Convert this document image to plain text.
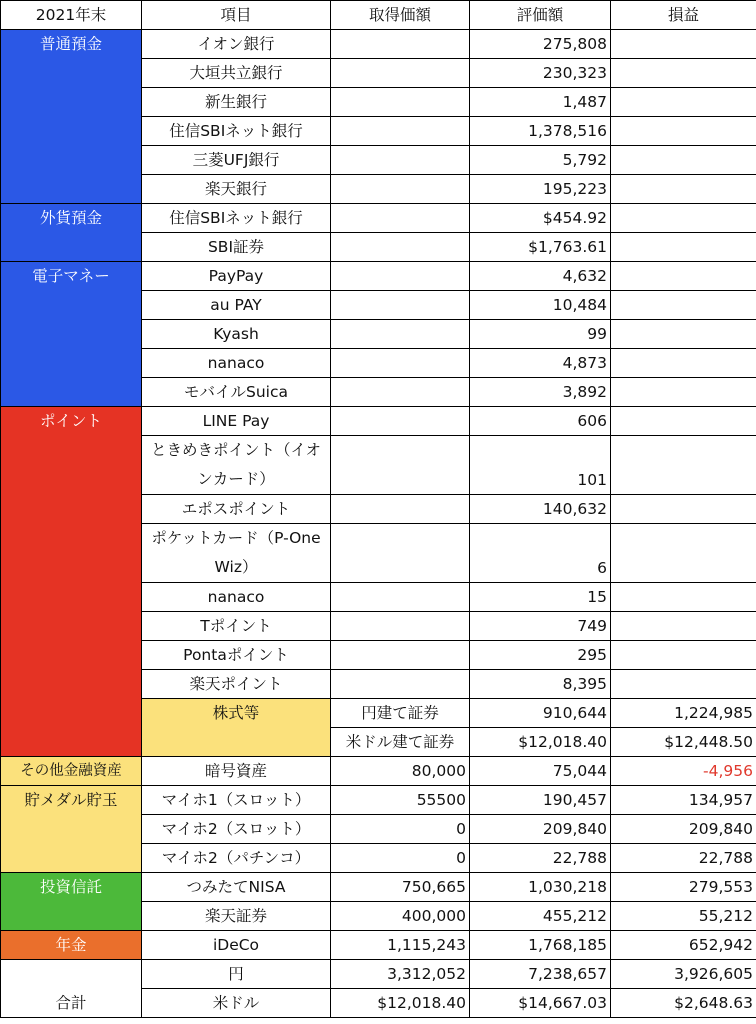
2021年末	項目	取得価額	評価額	損益	
普通預金	イオン銀行		275,808		
	大垣共立銀行		230,323		
	新生銀行		1,487		
	住信SBIネット銀行		1,378,516		
	三菱UFJ銀行		5,792		
	楽天銀行		195,223		
外貨預金	住信SBIネット銀行		$454.92		
	SBI証券		$1,763.61		
電子マネー	PayPay		4,632		
	au PAY		10,484		
	Kyash		99		
	nanaco		4,873		
	モバイルSuica		3,892		
ポイント	LINE Pay		606		
	ときめきポイント（イオンカード）		101		
	エポスポイント		140,632		
	ポケットカード（P-One Wiz）		6		
	nanaco		15		
	Tポイント		749		
	Pontaポイント		295		
	楽天ポイント		8,395		
	株式等	円建て証券	910,644	1,224,985	
		米ドル建て証券	$12,018.40	$12,448.50	
その他金融資産	暗号資産	80,000	75,044	-4,956	
貯メダル貯玉	マイホ1（スロット）	55500	190,457	134,957	
	マイホ2（スロット）	0	209,840	209,840	
	マイホ2（パチンコ）	0	22,788	22,788	
投資信託	つみたてNISA	750,665	1,030,218	279,553	
	楽天証券	400,000	455,212	55,212	
年金	iDeCo	1,115,243	1,768,185	652,942	
合計	円	3,312,052	7,238,657	3,926,605	
	米ドル	$12,018.40	$14,667.03	$2,648.63	
